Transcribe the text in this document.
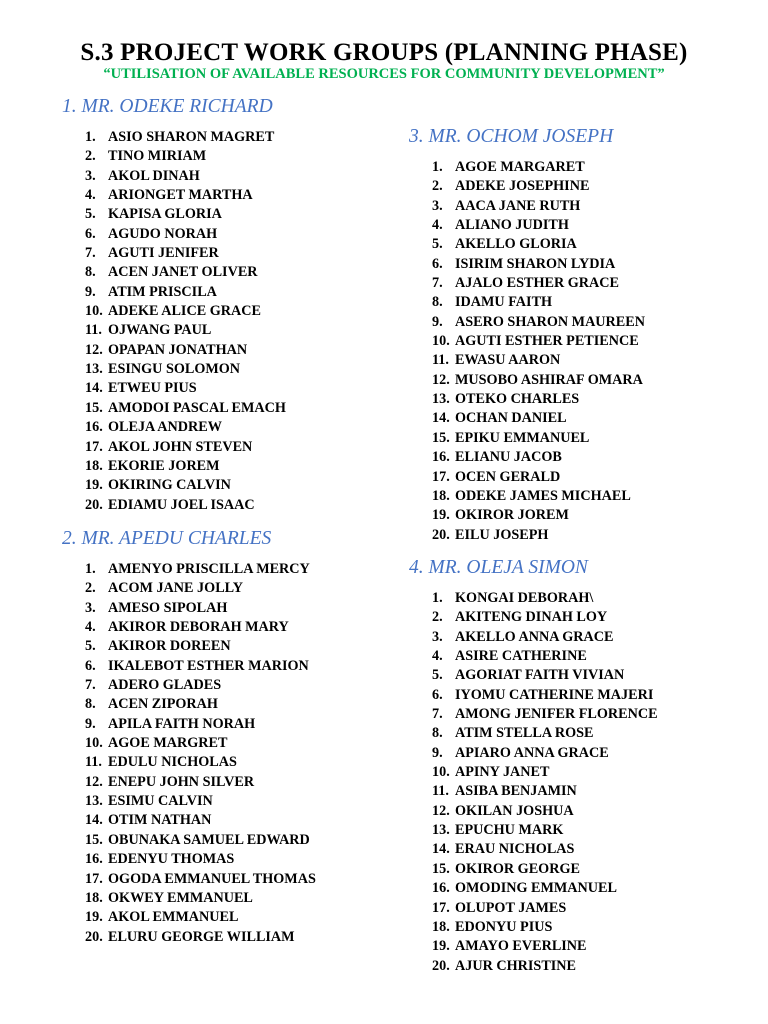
S.3 PROJECT WORK GROUPS (PLANNING PHASE)
“UTILISATION OF AVAILABLE RESOURCES FOR COMMUNITY DEVELOPMENT”
1. MR. ODEKE RICHARD
1. ASIO SHARON MAGRET
2. TINO MIRIAM
3. AKOL DINAH
4. ARIONGET MARTHA
5. KAPISA GLORIA
6. AGUDO NORAH
7. AGUTI JENIFER
8. ACEN JANET OLIVER
9. ATIM PRISCILA
10. ADEKE ALICE GRACE
11. OJWANG PAUL
12. OPAPAN JONATHAN
13. ESINGU SOLOMON
14. ETWEU PIUS
15. AMODOI PASCAL EMACH
16. OLEJA ANDREW
17. AKOL JOHN STEVEN
18. EKORIE JOREM
19. OKIRING CALVIN
20. EDIAMU JOEL ISAAC
2. MR. APEDU CHARLES
1. AMENYO PRISCILLA MERCY
2. ACOM JANE JOLLY
3. AMESO SIPOLAH
4. AKIROR DEBORAH MARY
5. AKIROR DOREEN
6. IKALEBOT ESTHER MARION
7. ADERO GLADES
8. ACEN ZIPORAH
9. APILA FAITH NORAH
10. AGOE MARGRET
11. EDULU NICHOLAS
12. ENEPU JOHN SILVER
13. ESIMU CALVIN
14. OTIM NATHAN
15. OBUNAKA SAMUEL EDWARD
16. EDENYU THOMAS
17. OGODA EMMANUEL THOMAS
18. OKWEY EMMANUEL
19. AKOL EMMANUEL
20. ELURU GEORGE WILLIAM
3. MR. OCHOM JOSEPH
1. AGOE MARGARET
2. ADEKE JOSEPHINE
3. AACA JANE RUTH
4. ALIANO JUDITH
5. AKELLO GLORIA
6. ISIRIM SHARON LYDIA
7. AJALO ESTHER GRACE
8. IDAMU FAITH
9. ASERO SHARON MAUREEN
10. AGUTI ESTHER PETIENCE
11. EWASU AARON
12. MUSOBO ASHIRAF OMARA
13. OTEKO CHARLES
14. OCHAN DANIEL
15. EPIKU EMMANUEL
16. ELIANU JACOB
17. OCEN GERALD
18. ODEKE JAMES MICHAEL
19. OKIROR JOREM
20. EILU JOSEPH
4. MR. OLEJA SIMON
1. KONGAI DEBORAH\
2. AKITENG DINAH LOY
3. AKELLO ANNA GRACE
4. ASIRE CATHERINE
5. AGORIAT FAITH VIVIAN
6. IYOMU CATHERINE MAJERI
7. AMONG JENIFER FLORENCE
8. ATIM STELLA ROSE
9. APIARO ANNA GRACE
10. APINY JANET
11. ASIBA BENJAMIN
12. OKILAN JOSHUA
13. EPUCHU MARK
14. ERAU NICHOLAS
15. OKIROR GEORGE
16. OMODING EMMANUEL
17. OLUPOT JAMES
18. EDONYU PIUS
19. AMAYO EVERLINE
20. AJUR CHRISTINE
